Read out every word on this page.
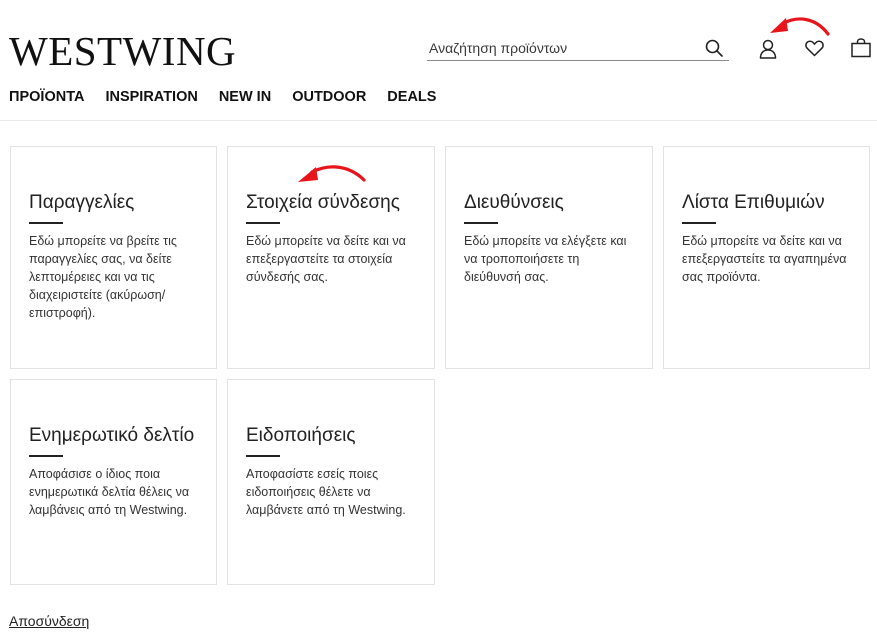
WESTWING
Αναζήτηση προϊόντων
ΠΡΟΪΟΝΤΑ INSPIRATION NEW IN OUTDOOR DEALS
Παραγγελίες

Εδώ μπορείτε να βρείτε τις παραγγελίες σας, να δείτε λεπτομέρειες και να τις διαχειριστείτε (ακύρωση/ επιστροφή).

Στοιχεία σύνδεσης

Εδώ μπορείτε να δείτε και να επεξεργαστείτε τα στοιχεία σύνδεσής σας.

Διευθύνσεις

Εδώ μπορείτε να ελέγξετε και να τροποποιήσετε τη διεύθυνσή σας.

Λίστα Επιθυμιών

Εδώ μπορείτε να δείτε και να επεξεργαστείτε τα αγαπημένα σας προϊόντα.

Ενημερωτικό δελτίο

Αποφάσισε ο ίδιος ποια ενημερωτικά δελτία θέλεις να λαμβάνεις από τη Westwing.

Ειδοποιήσεις

Αποφασίστε εσείς ποιες ειδοποιήσεις θέλετε να λαμβάνετε από τη Westwing.

Αποσύνδεση
